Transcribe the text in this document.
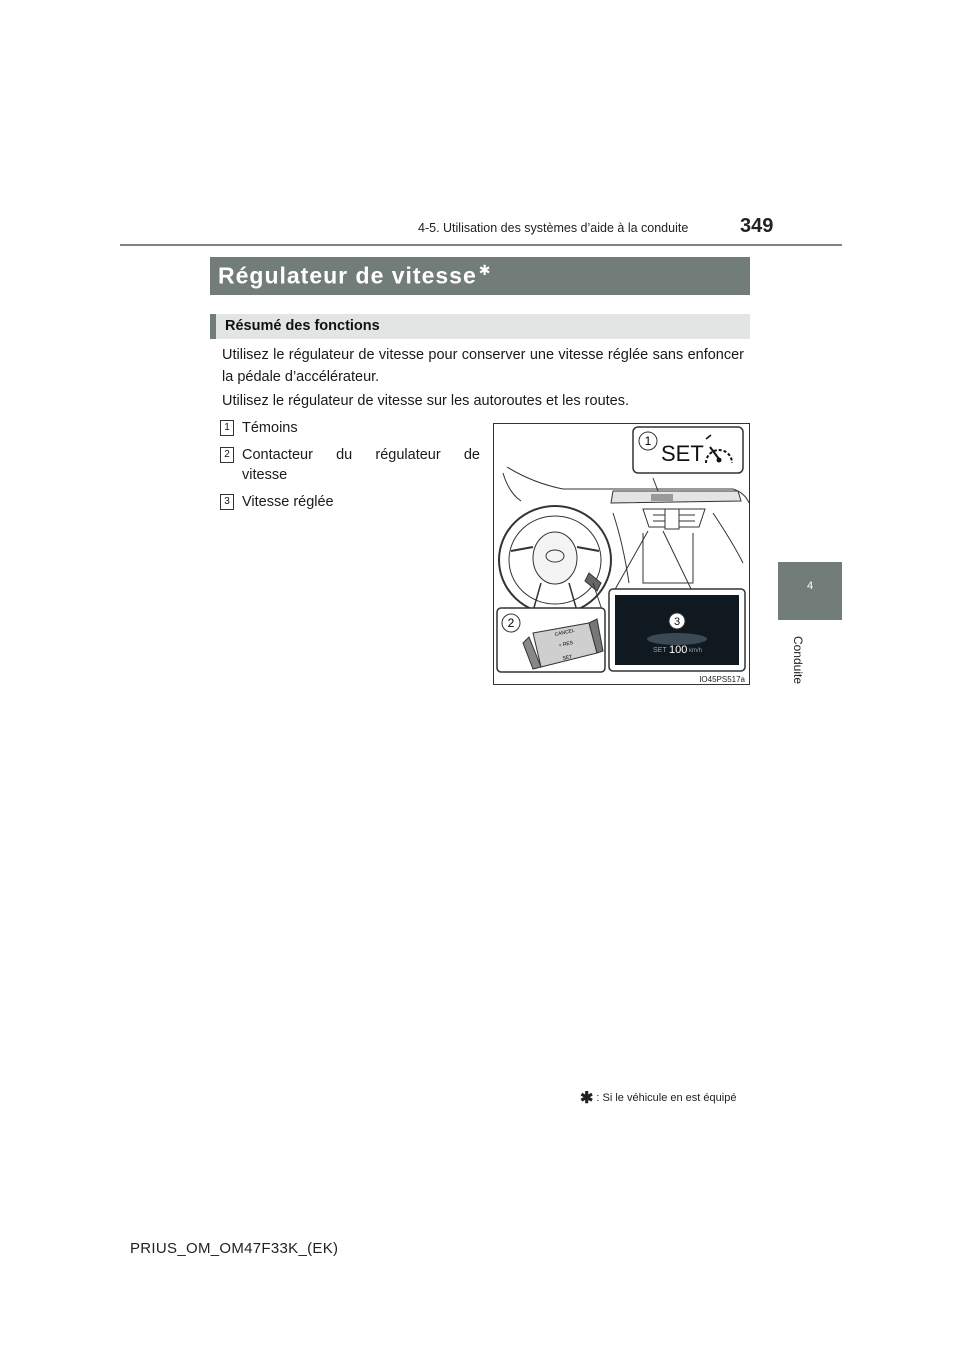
4-5. Utilisation des systèmes d’aide à la conduite	349
Régulateur de vitesse ✱
Résumé des fonctions
Utilisez le régulateur de vitesse pour conserver une vitesse réglée sans enfoncer la pédale d’accélérateur.
Utilisez le régulateur de vitesse sur les autoroutes et les routes.
1 Témoins
2 Contacteur du régulateur de
vitesse
3 Vitesse réglée
1 SET
2
CANCEL
+ RES
SET
3
SET 100 km/h
IO45PS517a
4
Conduite
✱ : Si le véhicule en est équipé
PRIUS_OM_OM47F33K_(EK)
